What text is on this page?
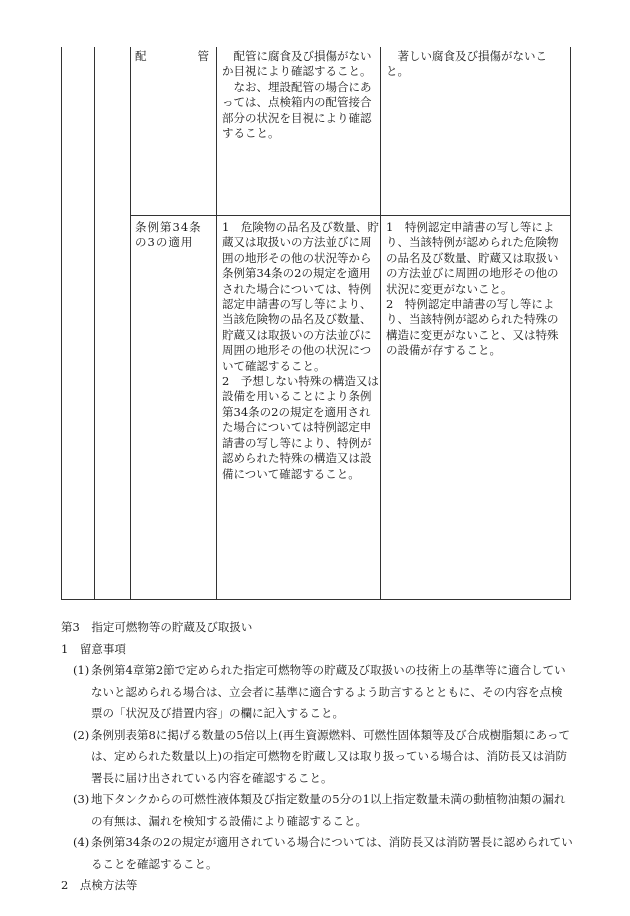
配　　　　管	　配管に腐食及び損傷がないか目視により確認すること。
　なお、埋設配管の場合にあっては、点検箱内の配管接合部分の状況を目視により確認すること。
　著しい腐食及び損傷がないこと。
条例第34条の3の適用
1　危険物の品名及び数量、貯蔵又は取扱いの方法並びに周囲の地形その他の状況等から条例第34条の2の規定を適用された場合については、特例認定申請書の写し等により、当該危険物の品名及び数量、貯蔵又は取扱いの方法並びに周囲の地形その他の状況について確認すること。
2　予想しない特殊の構造又は設備を用いることにより条例第34条の2の規定を適用された場合については特例認定申請書の写し等により、特例が認められた特殊の構造又は設備について確認すること。
1　特例認定申請書の写し等により、当該特例が認められた危険物の品名及び数量、貯蔵又は取扱いの方法並びに周囲の地形その他の状況に変更がないこと。
2　特例認定申請書の写し等により、当該特例が認められた特殊の構造に変更がないこと、又は特殊の設備が存すること。

第3　指定可燃物等の貯蔵及び取扱い

1　留意事項

(1) 条例第4章第2節で定められた指定可燃物等の貯蔵及び取扱いの技術上の基準等に適合していないと認められる場合は、立会者に基準に適合するよう助言するとともに、その内容を点検票の「状況及び措置内容」の欄に記入すること。
(2) 条例別表第8に掲げる数量の5倍以上(再生資源燃料、可燃性固体類等及び合成樹脂類にあっては、定められた数量以上)の指定可燃物を貯蔵し又は取り扱っている場合は、消防長又は消防署長に届け出されている内容を確認すること。
(3) 地下タンクからの可燃性液体類及び指定数量の5分の1以上指定数量未満の動植物油類の漏れの有無は、漏れを検知する設備により確認すること。
(4) 条例第34条の2の規定が適用されている場合については、消防長又は消防署長に認められていることを確認すること。

2　点検方法等
